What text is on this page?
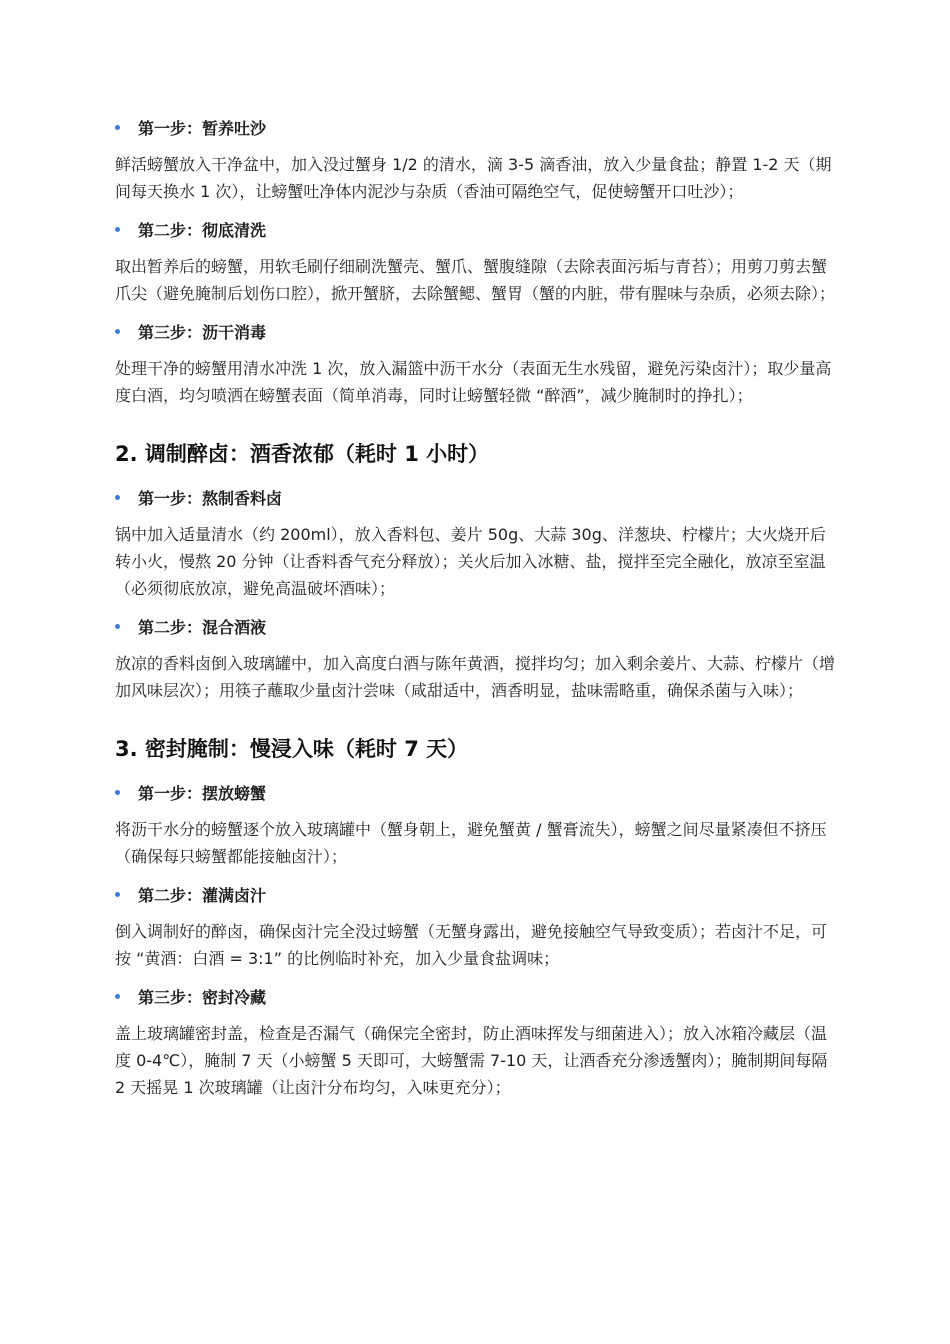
第一步：暂养吐沙

鲜活螃蟹放入干净盆中，加入没过蟹身 1/2 的清水，滴 3-5 滴香油，放入少量食盐；静置 1-2 天（期间每天换水 1 次），让螃蟹吐净体内泥沙与杂质（香油可隔绝空气，促使螃蟹开口吐沙）；

第二步：彻底清洗

取出暂养后的螃蟹，用软毛刷仔细刷洗蟹壳、蟹爪、蟹腹缝隙（去除表面污垢与青苔）；用剪刀剪去蟹爪尖（避免腌制后划伤口腔），掀开蟹脐，去除蟹鳃、蟹胃（蟹的内脏，带有腥味与杂质，必须去除）；

第三步：沥干消毒

处理干净的螃蟹用清水冲洗 1 次，放入漏篮中沥干水分（表面无生水残留，避免污染卤汁）；取少量高度白酒，均匀喷洒在螃蟹表面（简单消毒，同时让螃蟹轻微 “醉酒”，减少腌制时的挣扎）；

2. 调制醉卤：酒香浓郁（耗时 1 小时）
第一步：熬制香料卤

锅中加入适量清水（约 200ml），放入香料包、姜片 50g、大蒜 30g、洋葱块、柠檬片；大火烧开后转小火，慢熬 20 分钟（让香料香气充分释放）；关火后加入冰糖、盐，搅拌至完全融化，放凉至室温（必须彻底放凉，避免高温破坏酒味）；

第二步：混合酒液

放凉的香料卤倒入玻璃罐中，加入高度白酒与陈年黄酒，搅拌均匀；加入剩余姜片、大蒜、柠檬片（增加风味层次）；用筷子蘸取少量卤汁尝味（咸甜适中，酒香明显，盐味需略重，确保杀菌与入味）；

3. 密封腌制：慢浸入味（耗时 7 天）
第一步：摆放螃蟹

将沥干水分的螃蟹逐个放入玻璃罐中（蟹身朝上，避免蟹黄 / 蟹膏流失），螃蟹之间尽量紧凑但不挤压（确保每只螃蟹都能接触卤汁）；

第二步：灌满卤汁

倒入调制好的醉卤，确保卤汁完全没过螃蟹（无蟹身露出，避免接触空气导致变质）；若卤汁不足，可按 “黄酒：白酒 = 3:1” 的比例临时补充，加入少量食盐调味；

第三步：密封冷藏

盖上玻璃罐密封盖，检查是否漏气（确保完全密封，防止酒味挥发与细菌进入）；放入冰箱冷藏层（温度 0-4℃），腌制 7 天（小螃蟹 5 天即可，大螃蟹需 7-10 天，让酒香充分渗透蟹肉）；腌制期间每隔 2 天摇晃 1 次玻璃罐（让卤汁分布均匀，入味更充分）；
